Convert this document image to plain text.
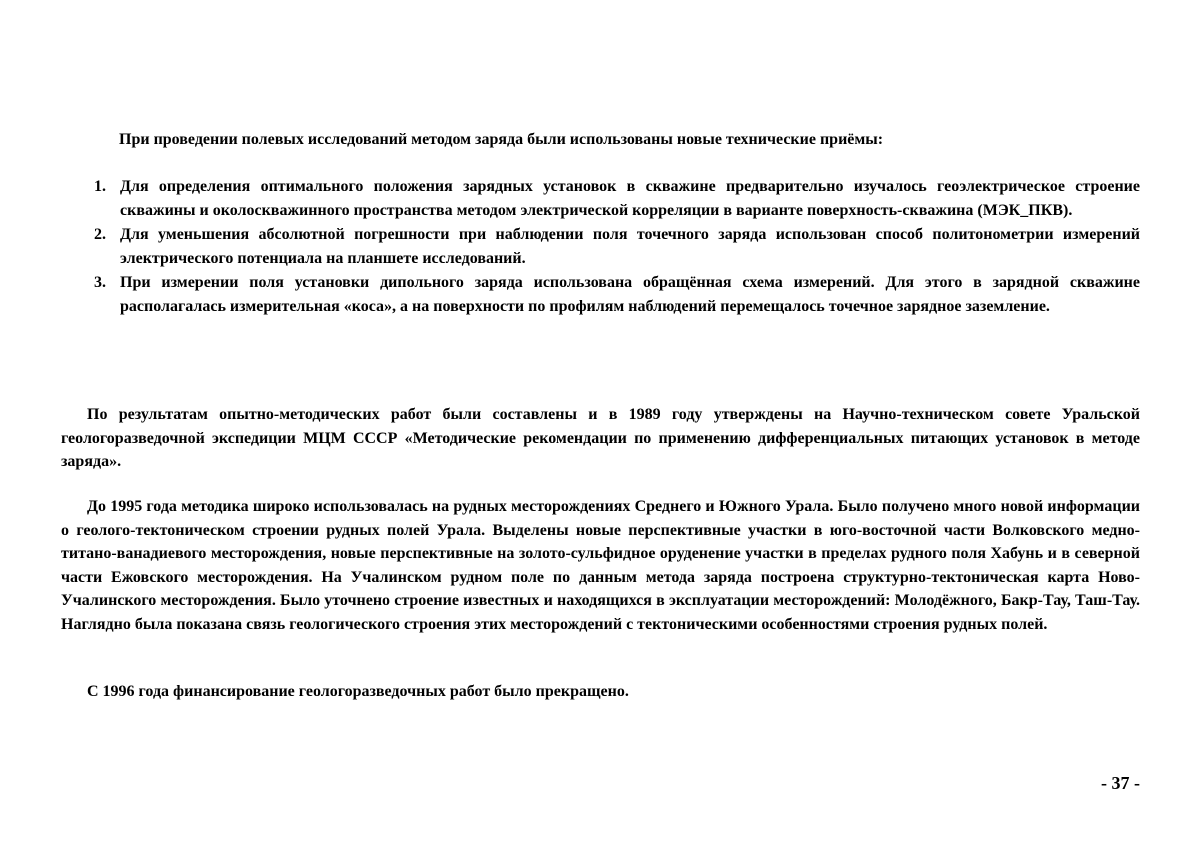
При проведении полевых исследований методом заряда были использованы новые технические приёмы:

1. Для определения оптимального положения зарядных установок в скважине предварительно изучалось геоэлектрическое строение скважины и околоскважинного пространства методом электрической корреляции в варианте поверхность-скважина (МЭК_ПКВ).
2. Для уменьшения абсолютной погрешности при наблюдении поля точечного заряда использован способ политонометрии измерений электрического потенциала на планшете исследований.
3. При измерении поля установки дипольного заряда использована обращённая схема измерений. Для этого в зарядной скважине располагалась измерительная «коса», а на поверхности по профилям наблюдений перемещалось точечное зарядное заземление.

По результатам опытно-методических работ были составлены и в 1989 году утверждены на Научно-техническом совете Уральской геологоразведочной экспедиции МЦМ СССР «Методические рекомендации по применению дифференциальных питающих установок в методе заряда».

До 1995 года методика широко использовалась на рудных месторождениях Среднего и Южного Урала. Было получено много новой информации о геолого-тектоническом строении рудных полей Урала. Выделены новые перспективные участки в юго-восточной части Волковского медно-титано-ванадиевого месторождения, новые перспективные на золото-сульфидное оруденение участки в пределах рудного поля Хабунь и в северной части Ежовского месторождения. На Учалинском рудном поле по данным метода заряда построена структурно-тектоническая карта Ново-Учалинского месторождения. Было уточнено строение известных и находящихся в эксплуатации месторождений: Молодёжного, Бакр-Тау, Таш-Тау. Наглядно была показана связь геологического строения этих месторождений с тектоническими особенностями строения рудных полей.

С 1996 года финансирование геологоразведочных работ было прекращено.

- 37 -
